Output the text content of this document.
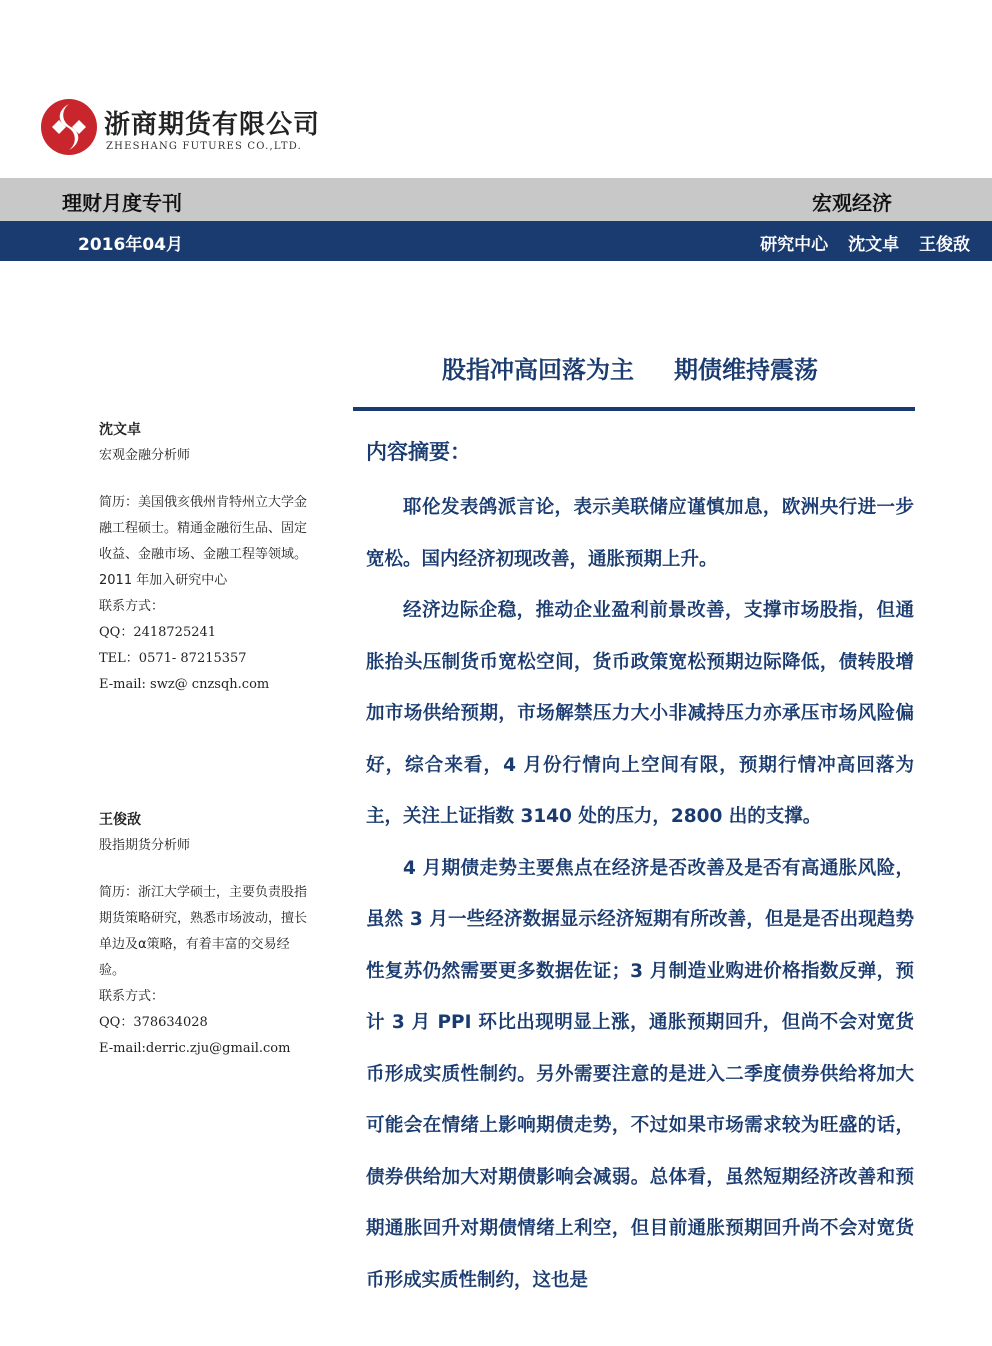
浙商期货有限公司
ZHESHANG FUTURES CO.,LTD.
理财月度专刊	宏观经济
2016年04月	研究中心 沈文卓 王俊敌
股指冲高回落为主 期债维持震荡

沈文卓

宏观金融分析师

简历：美国俄亥俄州肯特州立大学金融工程硕士。精通金融衍生品、固定收益、金融市场、金融工程等领域。2011 年加入研究中心

联系方式：

QQ：2418725241

TEL：0571- 87215357

E-mail: swz@ cnzsqh.com

王俊敌

股指期货分析师

简历：浙江大学硕士，主要负责股指期货策略研究，熟悉市场波动，擅长单边及α策略，有着丰富的交易经验。

联系方式：

QQ：378634028

E-mail:derric.zju@gmail.com

内容摘要：

耶伦发表鸽派言论，表示美联储应谨慎加息，欧洲央行进一步宽松。国内经济初现改善，通胀预期上升。

经济边际企稳，推动企业盈利前景改善，支撑市场股指，但通胀抬头压制货币宽松空间，货币政策宽松预期边际降低，债转股增加市场供给预期，市场解禁压力大小非减持压力亦承压市场风险偏好，综合来看，4 月份行情向上空间有限，预期行情冲高回落为主，关注上证指数 3140 处的压力，2800 出的支撑。

4 月期债走势主要焦点在经济是否改善及是否有高通胀风险，虽然 3 月一些经济数据显示经济短期有所改善，但是是否出现趋势性复苏仍然需要更多数据佐证；3 月制造业购进价格指数反弹，预计 3 月 PPI 环比出现明显上涨，通胀预期回升，但尚不会对宽货币形成实质性制约。另外需要注意的是进入二季度债券供给将加大可能会在情绪上影响期债走势，不过如果市场需求较为旺盛的话，债券供给加大对期债影响会减弱。总体看，虽然短期经济改善和预期通胀回升对期债情绪上利空，但目前通胀预期回升尚不会对宽货币形成实质性制约，这也是
